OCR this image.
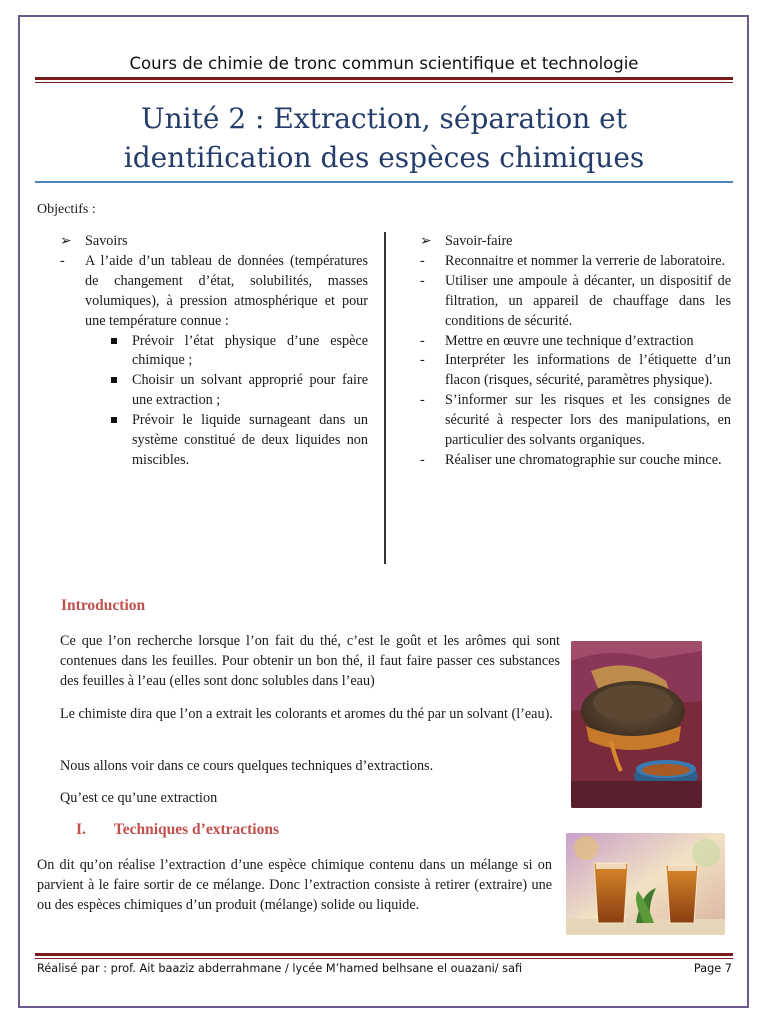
Cours de chimie de tronc commun scientifique et technologie
Unité 2 : Extraction, séparation et
identification des espèces chimiques
Objectifs :
➢ Savoirs
- A l’aide d’un tableau de données (températures de changement d’état, solubilités, masses volumiques), à pression atmosphérique et pour une température connue :
Prévoir l’état physique d’une espèce chimique ;
Choisir un solvant approprié pour faire une extraction ;
Prévoir le liquide surnageant dans un système constitué de deux liquides non miscibles.
➢ Savoir-faire
- Reconnaitre et nommer la verrerie de laboratoire.
- Utiliser une ampoule à décanter, un dispositif de filtration, un appareil de chauffage dans les conditions de sécurité.
- Mettre en œuvre une technique d’extraction
- Interpréter les informations de l’étiquette d’un flacon (risques, sécurité, paramètres physique).
- S’informer sur les risques et les consignes de sécurité à respecter lors des manipulations, en particulier des solvants organiques.
- Réaliser une chromatographie sur couche mince.
Introduction
Ce que l’on recherche lorsque l’on fait du thé, c’est le goût et les arômes qui sont contenues dans les feuilles. Pour obtenir un bon thé, il faut faire passer ces substances des feuilles à l’eau (elles sont donc solubles dans l’eau)
Le chimiste dira que l’on a extrait les colorants et aromes du thé par un solvant (l’eau).
Nous allons voir dans ce cours quelques techniques d’extractions.
Qu’est ce qu’une extraction
I. Techniques d’extractions
On dit qu’on réalise l’extraction d’une espèce chimique contenu dans un mélange si on parvient à le faire sortir de ce mélange. Donc l’extraction consiste à retirer (extraire) une ou des espèces chimiques d’un produit (mélange) solide ou liquide.
Réalisé par : prof. Ait baaziz abderrahmane / lycée M’hamed belhsane el ouazani/ safi	Page 7
